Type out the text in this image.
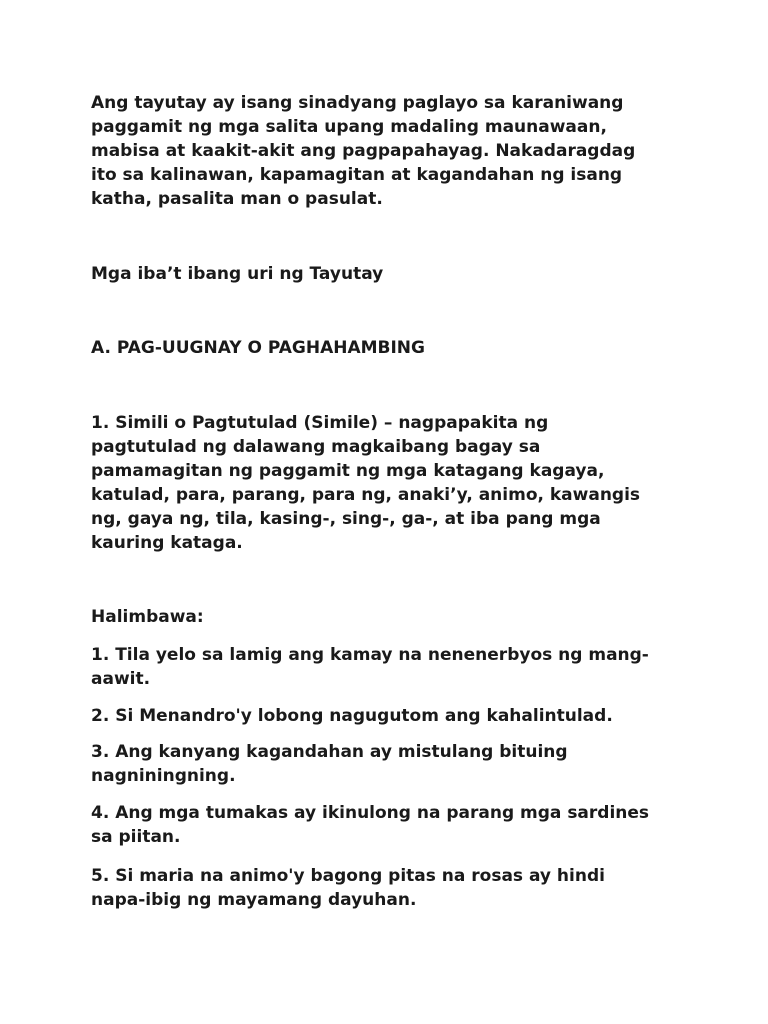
Ang tayutay ay isang sinadyang paglayo sa karaniwang
paggamit ng mga salita upang madaling maunawaan,
mabisa at kaakit-akit ang pagpapahayag. Nakadaragdag
ito sa kalinawan, kapamagitan at kagandahan ng isang
katha, pasalita man o pasulat.

Mga iba’t ibang uri ng Tayutay

A. PAG-UUGNAY O PAGHAHAMBING

1. Simili o Pagtutulad (Simile) – nagpapakita ng
pagtutulad ng dalawang magkaibang bagay sa
pamamagitan ng paggamit ng mga katagang kagaya,
katulad, para, parang, para ng, anaki’y, animo, kawangis
ng, gaya ng, tila, kasing-, sing-, ga-, at iba pang mga
kauring kataga.

Halimbawa:

1. Tila yelo sa lamig ang kamay na nenenerbyos ng mang-
aawit.

2. Si Menandro'y lobong nagugutom ang kahalintulad.

3. Ang kanyang kagandahan ay mistulang bituing
nagniningning.

4. Ang mga tumakas ay ikinulong na parang mga sardines
sa piitan.

5. Si maria na animo'y bagong pitas na rosas ay hindi
napa-ibig ng mayamang dayuhan.
